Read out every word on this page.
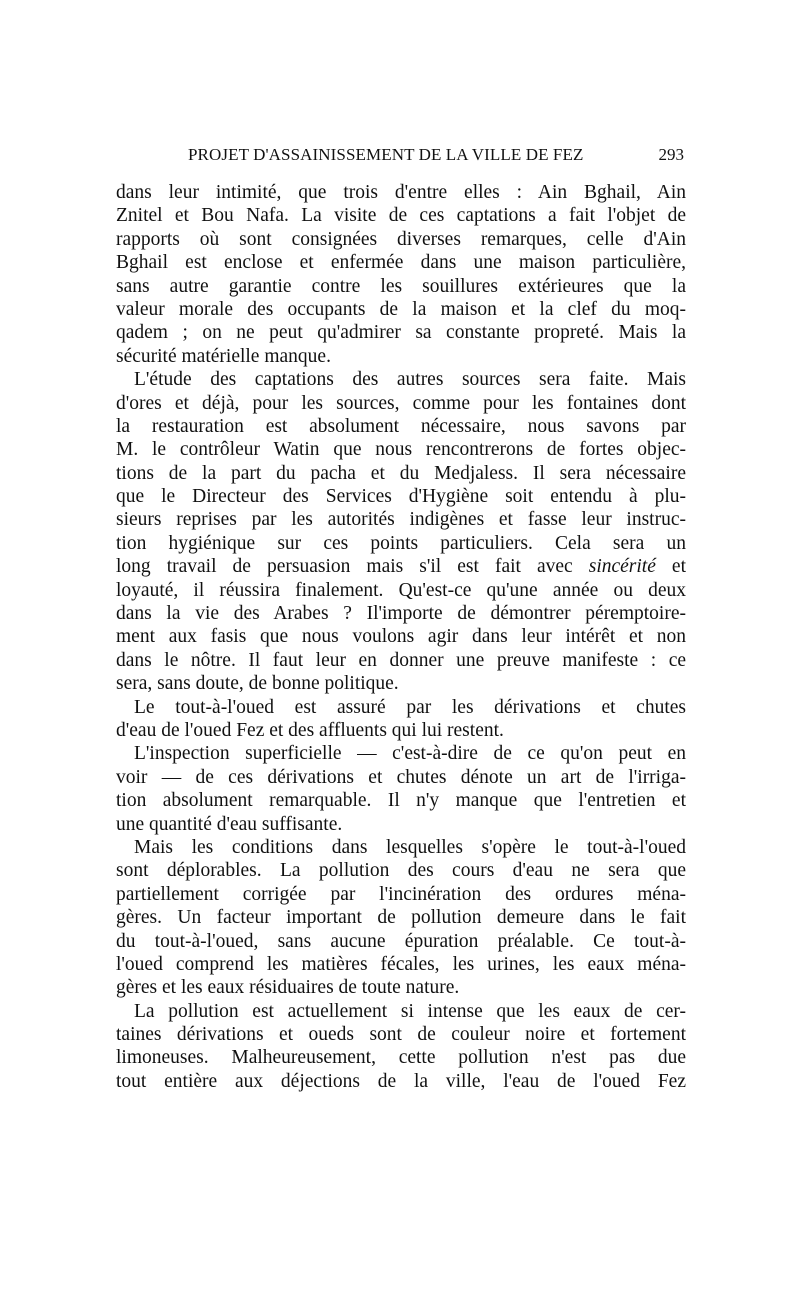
PROJET D'ASSAINISSEMENT DE LA VILLE DE FEZ	293
dans leur intimité, que trois d'entre elles : Ain Bghail, Ain
Znitel et Bou Nafa. La visite de ces captations a fait l'objet de
rapports où sont consignées diverses remarques, celle d'Ain
Bghail est enclose et enfermée dans une maison particulière,
sans autre garantie contre les souillures extérieures que la
valeur morale des occupants de la maison et la clef du moq-
qadem ; on ne peut qu'admirer sa constante propreté. Mais la
sécurité matérielle manque.
L'étude des captations des autres sources sera faite. Mais
d'ores et déjà, pour les sources, comme pour les fontaines dont
la restauration est absolument nécessaire, nous savons par
M. le contrôleur Watin que nous rencontrerons de fortes objec-
tions de la part du pacha et du Medjaless. Il sera nécessaire
que le Directeur des Services d'Hygiène soit entendu à plu-
sieurs reprises par les autorités indigènes et fasse leur instruc-
tion hygiénique sur ces points particuliers. Cela sera un
long travail de persuasion mais s'il est fait avec sincérité et
loyauté, il réussira finalement. Qu'est-ce qu'une année ou deux
dans la vie des Arabes ? Il'importe de démontrer péremptoire-
ment aux fasis que nous voulons agir dans leur intérêt et non
dans le nôtre. Il faut leur en donner une preuve manifeste : ce
sera, sans doute, de bonne politique.
Le tout-à-l'oued est assuré par les dérivations et chutes
d'eau de l'oued Fez et des affluents qui lui restent.
L'inspection superficielle — c'est-à-dire de ce qu'on peut en
voir — de ces dérivations et chutes dénote un art de l'irriga-
tion absolument remarquable. Il n'y manque que l'entretien et
une quantité d'eau suffisante.
Mais les conditions dans lesquelles s'opère le tout-à-l'oued
sont déplorables. La pollution des cours d'eau ne sera que
partiellement corrigée par l'incinération des ordures ména-
gères. Un facteur important de pollution demeure dans le fait
du tout-à-l'oued, sans aucune épuration préalable. Ce tout-à-
l'oued comprend les matières fécales, les urines, les eaux ména-
gères et les eaux résiduaires de toute nature.
La pollution est actuellement si intense que les eaux de cer-
taines dérivations et oueds sont de couleur noire et fortement
limoneuses. Malheureusement, cette pollution n'est pas due
tout entière aux déjections de la ville, l'eau de l'oued Fez
